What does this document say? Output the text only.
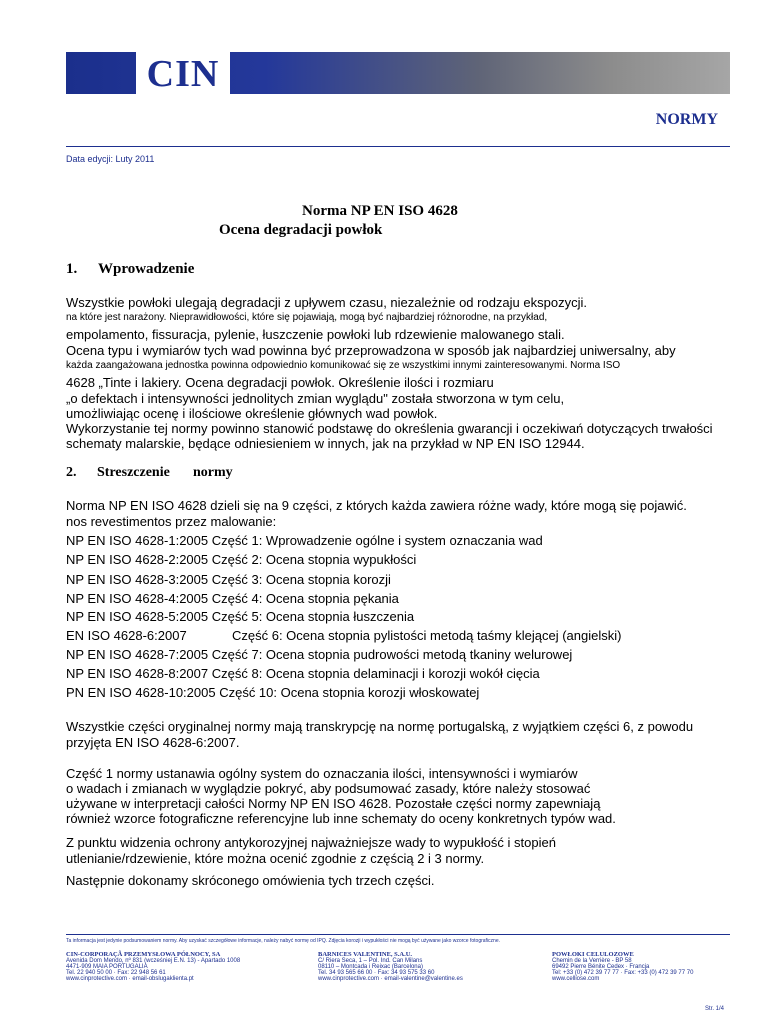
CIN
NORMY
Data edycji: Luty 2011
Norma NP EN ISO 4628
Ocena degradacji powłok
1. Wprowadzenie
Wszystkie powłoki ulegają degradacji z upływem czasu, niezależnie od rodzaju ekspozycji.
na które jest narażony. Nieprawidłowości, które się pojawiają, mogą być najbardziej różnorodne, na przykład,
empolamento, fissuracja, pylenie, łuszczenie powłoki lub rdzewienie malowanego stali.
Ocena typu i wymiarów tych wad powinna być przeprowadzona w sposób jak najbardziej uniwersalny, aby
każda zaangażowana jednostka powinna odpowiednio komunikować się ze wszystkimi innymi zainteresowanymi. Norma ISO
4628 „Tinte i lakiery. Ocena degradacji powłok. Określenie ilości i rozmiaru
„o defektach i intensywności jednolitych zmian wyglądu" została stworzona w tym celu,
umożliwiając ocenę i ilościowe określenie głównych wad powłok.
Wykorzystanie tej normy powinno stanowić podstawę do określenia gwarancji i oczekiwań dotyczących trwałości
schematy malarskie, będące odniesieniem w innych, jak na przykład w NP EN ISO 12944.
2. Streszczenie normy
Norma NP EN ISO 4628 dzieli się na 9 części, z których każda zawiera różne wady, które mogą się pojawić.
nos revestimentos przez malowanie:
NP EN ISO 4628-1:2005 Część 1: Wprowadzenie ogólne i system oznaczania wad
NP EN ISO 4628-2:2005 Część 2: Ocena stopnia wypukłości
NP EN ISO 4628-3:2005 Część 3: Ocena stopnia korozji
NP EN ISO 4628-4:2005 Część 4: Ocena stopnia pękania
NP EN ISO 4628-5:2005 Część 5: Ocena stopnia łuszczenia
EN ISO 4628-6:2007	Część 6: Ocena stopnia pylistości metodą taśmy klejącej (angielski)
NP EN ISO 4628-7:2005 Część 7: Ocena stopnia pudrowości metodą tkaniny welurowej
NP EN ISO 4628-8:2007 Część 8: Ocena stopnia delaminacji i korozji wokół cięcia
PN EN ISO 4628-10:2005 Część 10: Ocena stopnia korozji włoskowatej
Wszystkie części oryginalnej normy mają transkrypcję na normę portugalską, z wyjątkiem części 6, z powodu
przyjęta EN ISO 4628-6:2007.
Część 1 normy ustanawia ogólny system do oznaczania ilości, intensywności i wymiarów
o wadach i zmianach w wyglądzie pokryć, aby podsumować zasady, które należy stosować
używane w interpretacji całości Normy NP EN ISO 4628. Pozostałe części normy zapewniają
również wzorce fotograficzne referencyjne lub inne schematy do oceny konkretnych typów wad.
Z punktu widzenia ochrony antykorozyjnej najważniejsze wady to wypukłość i stopień
utlenianie/rdzewienie, które można ocenić zgodnie z częścią 2 i 3 normy.
Następnie dokonamy skróconego omówienia tych trzech części.
Ta informacja jest jedynie podsumowaniem normy. Aby uzyskać szczegółowe informacje, należy nabyć normę od IPQ. Zdjęcia korozji i wypukłości nie mogą być używane jako wzorce fotograficzne.
CIN-CORPORAÇÃ PRZEMYSŁOWA PÓŁNOCY, SA
Avenida Dom Mendo, nº 831 (wcześniej E.N. 13) - Apartado 1008
4471-909 MAIA PORTUGALIA
Tel. 22 940 50 00 · Fax: 22 948 56 61
www.cinprotective.com · email-obslugaklienta.pt
BARNICES VALENTINE, S.A.U.
C/ Riera Seca, 1 – Pol. Ind. Can Milans
08110 – Montcada i Reixac (Barcelona)
Tel. 34 93 565 66 00 · Fax: 34 93 575 33 60
www.cinprotective.com · email-valentine@valentine.es
POWŁOKI CELULOZOWE
Chemin de la Verrière - BP 58
69492 Pierre Bénite Cedex · Francja
Tel: +33 (0) 472 39 77 77 · Fax: +33 (0) 472 39 77 70
www.celliose.com
Str. 1/4
